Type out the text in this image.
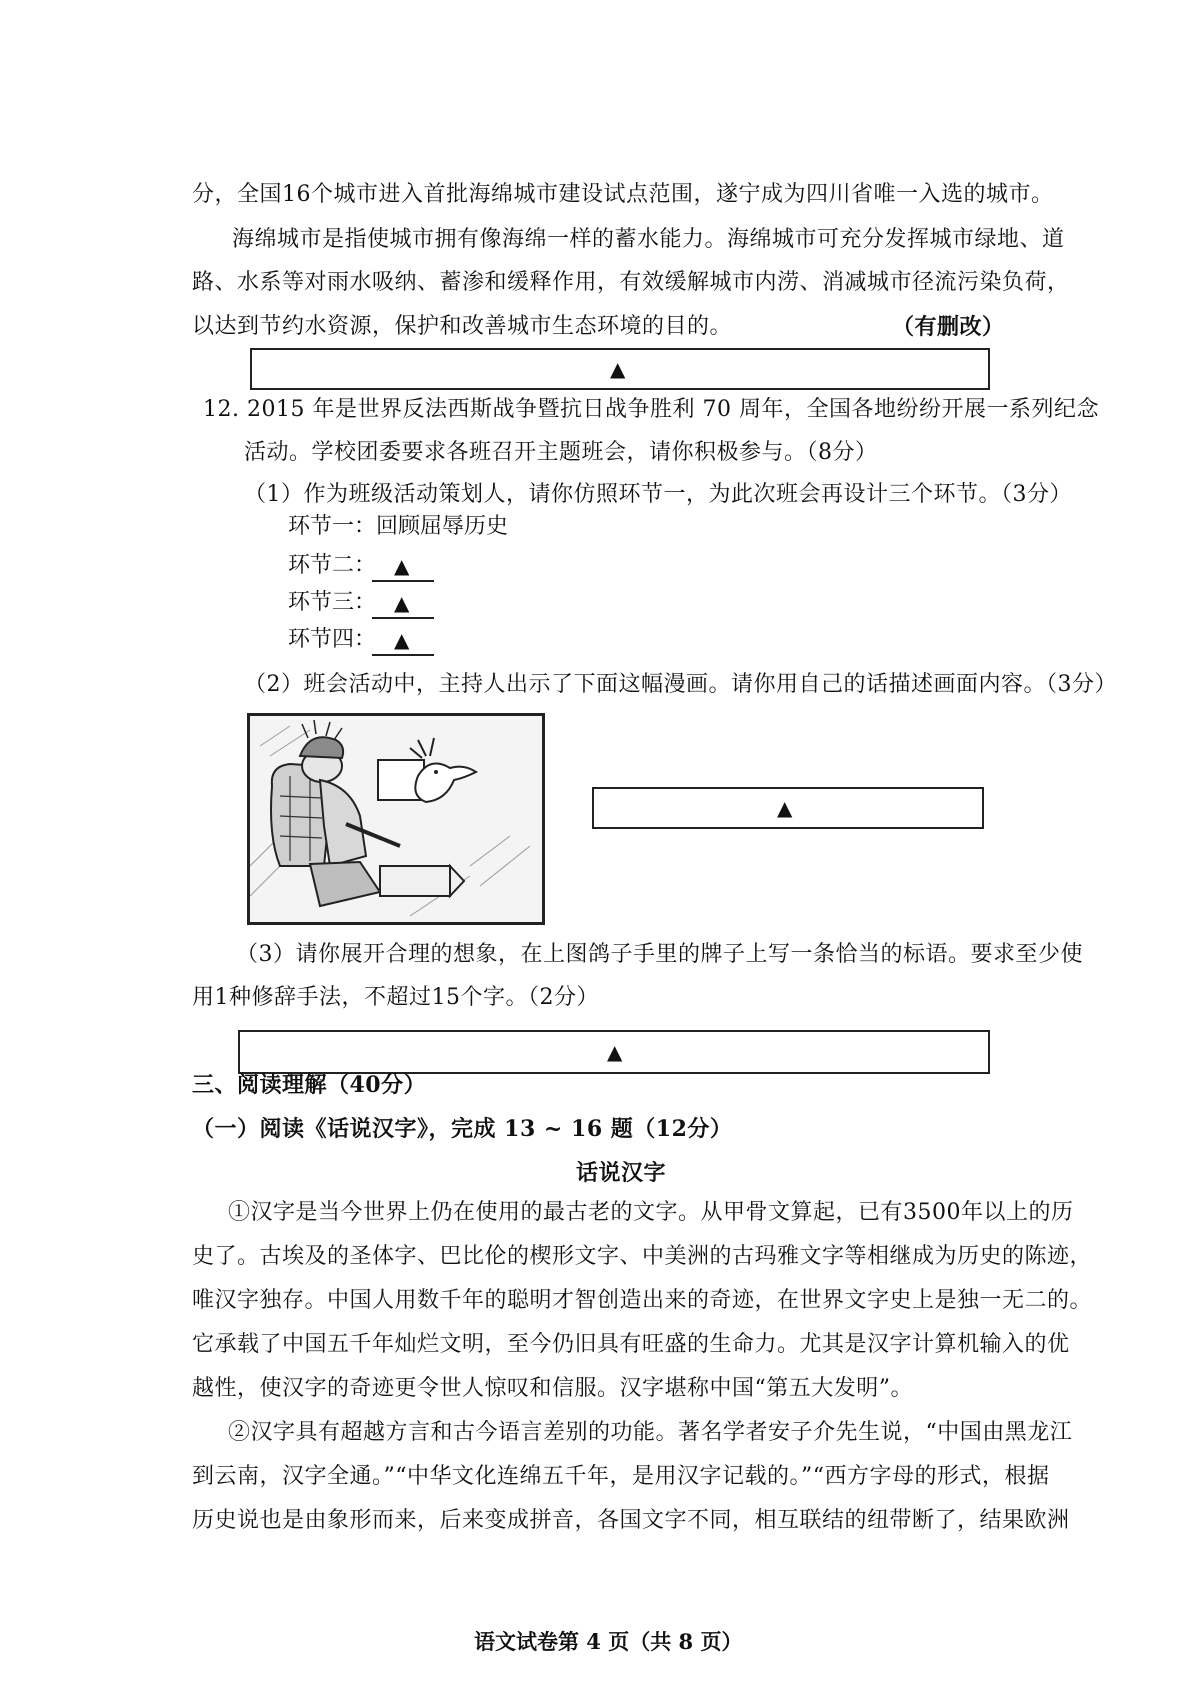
分，全国16个城市进入首批海绵城市建设试点范围，遂宁成为四川省唯一入选的城市。
海绵城市是指使城市拥有像海绵一样的蓄水能力。海绵城市可充分发挥城市绿地、道
路、水系等对雨水吸纳、蓄渗和缓释作用，有效缓解城市内涝、消减城市径流污染负荷，
以达到节约水资源，保护和改善城市生态环境的目的。	（有删改）
▲
12. 2015 年是世界反法西斯战争暨抗日战争胜利 70 周年，全国各地纷纷开展一系列纪念
活动。学校团委要求各班召开主题班会，请你积极参与。（8分）
（1）作为班级活动策划人，请你仿照环节一，为此次班会再设计三个环节。（3分）
环节一：回顾屈辱历史
环节二： ▲
环节三： ▲
环节四： ▲
（2）班会活动中，主持人出示了下面这幅漫画。请你用自己的话描述画面内容。（3分）
▲
（3）请你展开合理的想象，在上图鸽子手里的牌子上写一条恰当的标语。要求至少使
用1种修辞手法，不超过15个字。（2分）
▲
三、阅读理解（40分）
（一）阅读《话说汉字》，完成 13 ~ 16 题（12分）
话说汉字
①汉字是当今世界上仍在使用的最古老的文字。从甲骨文算起，已有3500年以上的历
史了。古埃及的圣体字、巴比伦的楔形文字、中美洲的古玛雅文字等相继成为历史的陈迹，
唯汉字独存。中国人用数千年的聪明才智创造出来的奇迹，在世界文字史上是独一无二的。
它承载了中国五千年灿烂文明，至今仍旧具有旺盛的生命力。尤其是汉字计算机输入的优
越性，使汉字的奇迹更令世人惊叹和信服。汉字堪称中国“第五大发明”。
②汉字具有超越方言和古今语言差别的功能。著名学者安子介先生说，“中国由黑龙江
到云南，汉字全通。”“中华文化连绵五千年，是用汉字记载的。”“西方字母的形式，根据
历史说也是由象形而来，后来变成拼音，各国文字不同，相互联结的纽带断了，结果欧洲
语文试卷第 4 页（共 8 页）
